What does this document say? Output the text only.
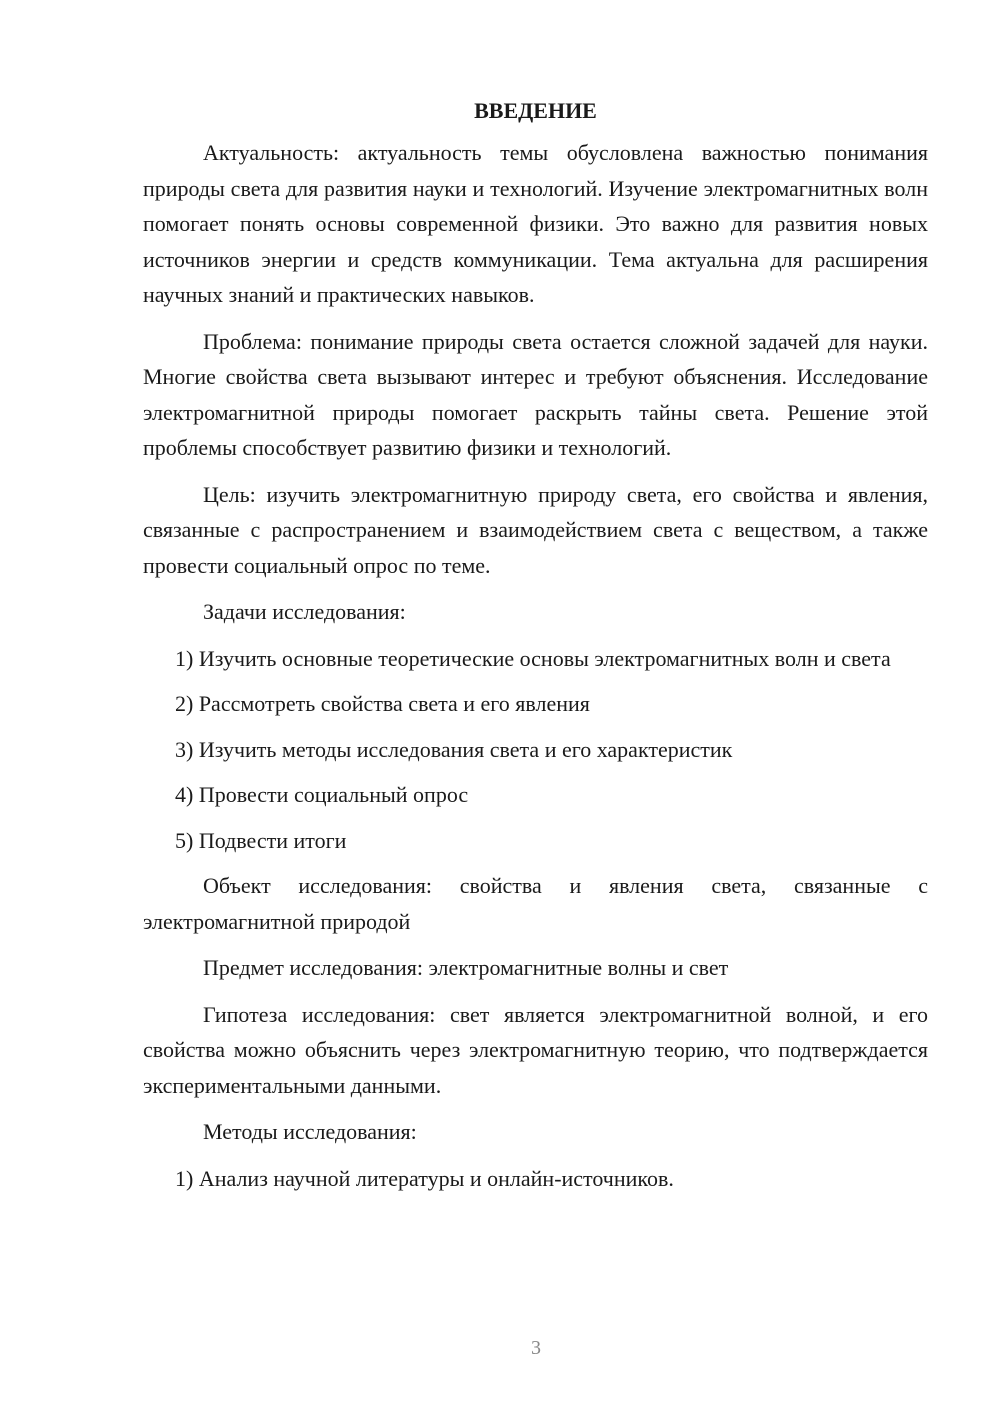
ВВЕДЕНИЕ

Актуальность: актуальность темы обусловлена важностью понимания природы света для развития науки и технологий. Изучение электромагнитных волн помогает понять основы современной физики. Это важно для развития новых источников энергии и средств коммуникации. Тема актуальна для расширения научных знаний и практических навыков.

Проблема: понимание природы света остается сложной задачей для науки. Многие свойства света вызывают интерес и требуют объяснения. Исследование электромагнитной природы помогает раскрыть тайны света. Решение этой проблемы способствует развитию физики и технологий.

Цель: изучить электромагнитную природу света, его свойства и явления, связанные с распространением и взаимодействием света с веществом, а также провести социальный опрос по теме.

Задачи исследования:

1) Изучить основные теоретические основы электромагнитных волн и света

2) Рассмотреть свойства света и его явления

3) Изучить методы исследования света и его характеристик

4) Провести социальный опрос

5) Подвести итоги

Объект исследования: свойства и явления света, связанные с электромагнитной природой

Предмет исследования: электромагнитные волны и свет

Гипотеза исследования: свет является электромагнитной волной, и его свойства можно объяснить через электромагнитную теорию, что подтверждается экспериментальными данными.

Методы исследования:

1) Анализ научной литературы и онлайн-источников.

3
